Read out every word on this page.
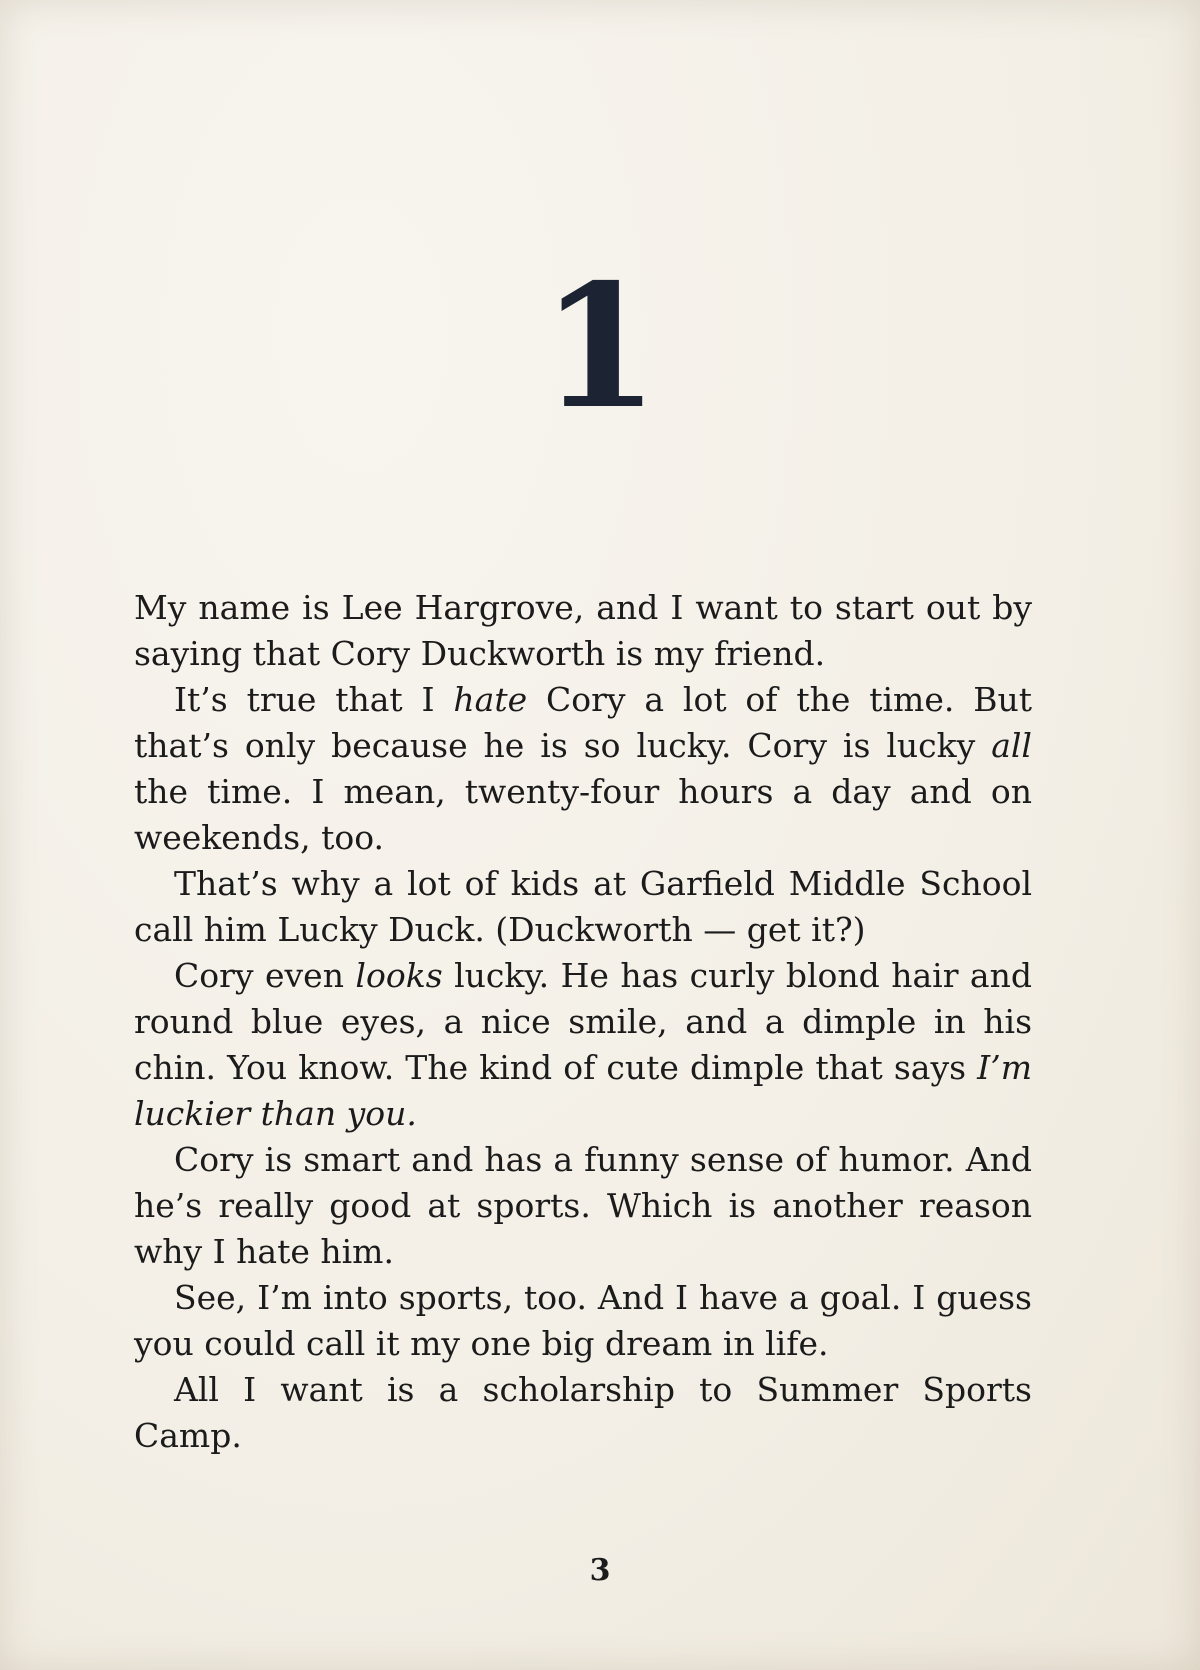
1

My name is Lee Hargrove, and I want to start out by saying that Cory Duckworth is my friend.

It’s true that I hate Cory a lot of the time. But that’s only because he is so lucky. Cory is lucky all the time. I mean, twenty-four hours a day and on weekends, too.

That’s why a lot of kids at Garfield Middle School call him Lucky Duck. (Duckworth — get it?)

Cory even looks lucky. He has curly blond hair and round blue eyes, a nice smile, and a dimple in his chin. You know. The kind of cute dimple that says I’m luckier than you.

Cory is smart and has a funny sense of humor. And he’s really good at sports. Which is another reason why I hate him.

See, I’m into sports, too. And I have a goal. I guess you could call it my one big dream in life.

All I want is a scholarship to Summer Sports Camp.

3
